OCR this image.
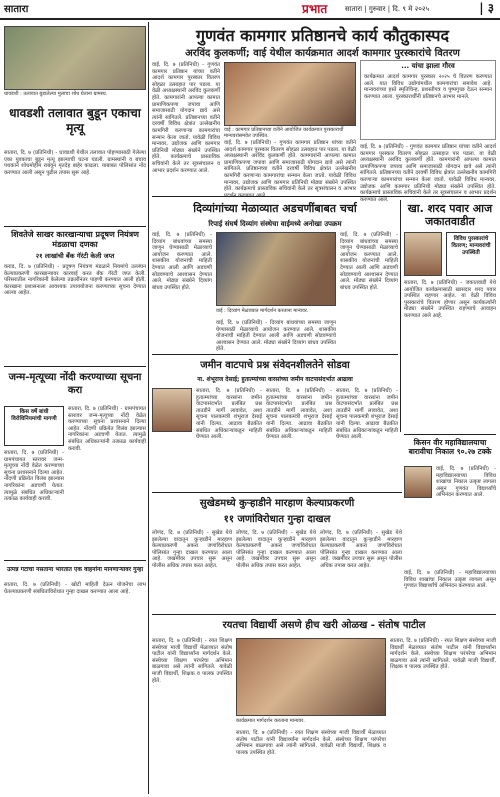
सातारा	प्रभात	सातारा | गुरुवार | दि. ९ मे २०२५	| ३
धावडशी : तलावात बुडालेल्या मुलाचा शोध घेताना ग्रामस्थ.
धावडशी तलावात बुडून एकाचा मृत्यू
सातारा, दि. ७ (प्रतिनिधी) - धावडशी येथील तलावात पोहण्यासाठी गेलेल्या एका युवकाचा बुडून मृत्यू झाल्याची घटना घडली. ग्रामस्थांनी व बचाव पथकाने शोधमोहीम राबवून मृतदेह बाहेर काढला. याबाबत पोलिसांत नोंद करण्यात आली असून पुढील तपास सुरू आहे.
शिवतेजे साखर कारखान्याचा प्रदूषण नियंत्रण मंडळाचा दणका
२१ लाखांची बँक गॅरंटी केली जप्त
कराड, दि. ७ (प्रतिनिधी) - प्रदूषण नियंत्रण मंडळाने नियमांचे उल्लंघन केल्याप्रकरणी कारखान्यावर कारवाई करत बँक गॅरंटी जप्त केली. परिसरातील नागरिकांनी केलेल्या तक्रारींनंतर पाहणी करण्यात आली होती. कारखाना प्रशासनाला आवश्यक उपाययोजना करण्याच्या सूचना देण्यात आल्या आहेत.
जन्म-मृत्यूच्या नोंदी करण्याच्या सूचना करा
किस वर्षे बांधी विरोधिनियमांची मागणी
सातारा, दि. ७ (प्रतिनिधी) - ग्रामपंचायत स्तरावर जन्म-मृत्यूच्या नोंदी वेळेत करण्याच्या सूचना प्रशासनाने दिल्या आहेत. नोंदणी प्रक्रियेत विलंब झाल्यास नागरिकांना अडचणी येतात. त्यामुळे संबंधित अधिकाऱ्यांनी तत्काळ कार्यवाही करावी.
सातारा, दि. ७ (प्रतिनिधी) - ग्रामपंचायत स्तरावर जन्म-मृत्यूच्या नोंदी वेळेत करण्याच्या सूचना प्रशासनाने दिल्या आहेत. नोंदणी प्रक्रियेत विलंब झाल्यास नागरिकांना अडचणी येतात. त्यामुळे संबंधित अधिकाऱ्यांनी तत्काळ कार्यवाही करावी.
उत्पन्न गटाचा नसताना भारतात एक वाहनांना मानणाऱ्यावर गुन्हा
सातारा, दि. ७ (प्रतिनिधी) - खोटी माहिती देऊन योजनेचा लाभ घेतल्याप्रकरणी संबंधितांविरोधात गुन्हा दाखल करण्यात आला आहे.
गुणवंत कामगार प्रतिष्ठानचे कार्य कौतुकास्पद
अरविंद कुलकर्णी; वाई येथील कार्यक्रमात आदर्श कामगार पुरस्कारांचे वितरण
वाई, दि. ७ (प्रतिनिधी) - गुणवंत कामगार प्रतिष्ठान यांच्या वतीने आदर्श कामगार पुरस्कार वितरण सोहळा उत्साहात पार पडला. या वेळी अध्यक्षस्थानी अरविंद कुलकर्णी होते. कामगारांनी आपल्या कामात प्रामाणिकपणा जपावा आणि समाजासाठी योगदान द्यावे असे त्यांनी सांगितले. प्रतिष्ठानच्या वतीने दरवर्षी विविध क्षेत्रांत उल्लेखनीय कामगिरी करणाऱ्या कामगारांचा सन्मान केला जातो. यावेळी विविध मान्यवर, उद्योजक आणि कामगार प्रतिनिधी मोठ्या संख्येने उपस्थित होते. कार्यक्रमाचे प्रास्ताविक सचिवांनी केले तर सूत्रसंचालन व आभार प्रदर्शन करण्यात आले.
वाई : कामगार प्रतिष्ठानच्या वतीने आयोजित कार्यक्रमात पुरस्कारार्थी मान्यवरांसमवेत उपस्थित.
वाई, दि. ७ (प्रतिनिधी) - गुणवंत कामगार प्रतिष्ठान यांच्या वतीने आदर्श कामगार पुरस्कार वितरण सोहळा उत्साहात पार पडला. या वेळी अध्यक्षस्थानी अरविंद कुलकर्णी होते. कामगारांनी आपल्या कामात प्रामाणिकपणा जपावा आणि समाजासाठी योगदान द्यावे असे त्यांनी सांगितले. प्रतिष्ठानच्या वतीने दरवर्षी विविध क्षेत्रांत उल्लेखनीय कामगिरी करणाऱ्या कामगारांचा सन्मान केला जातो. यावेळी विविध मान्यवर, उद्योजक आणि कामगार प्रतिनिधी मोठ्या संख्येने उपस्थित होते. कार्यक्रमाचे प्रास्ताविक सचिवांनी केले तर सूत्रसंचालन व आभार
... यांचा झाला गौरव
कार्यक्रमात आदर्श कामगार पुरस्कार २०२५ चे वितरण करण्यात आले. यात विविध उद्योगांमधील कामगारांचा समावेश आहे. मान्यवरांच्या हस्ते स्मृतिचिन्ह, प्रशस्तीपत्र व पुष्पगुच्छ देऊन सन्मान करण्यात आला. पुरस्कारार्थींनी प्रतिष्ठानचे आभार मानले.
वाई, दि. ७ (प्रतिनिधी) - गुणवंत कामगार प्रतिष्ठान यांच्या वतीने आदर्श कामगार पुरस्कार वितरण सोहळा उत्साहात पार पडला. या वेळी अध्यक्षस्थानी अरविंद कुलकर्णी होते. कामगारांनी आपल्या कामात प्रामाणिकपणा जपावा आणि समाजासाठी योगदान द्यावे असे त्यांनी सांगितले. प्रतिष्ठानच्या वतीने दरवर्षी विविध क्षेत्रांत उल्लेखनीय कामगिरी करणाऱ्या कामगारांचा सन्मान केला जातो. यावेळी विविध मान्यवर, उद्योजक आणि कामगार प्रतिनिधी मोठ्या संख्येने उपस्थित होते. कार्यक्रमाचे प्रास्ताविक सचिवांनी केले तर सूत्रसंचालन व आभार प्रदर्शन करण्यात आले.
दिव्यांगांच्या मेळाव्यात अडचणींबाबत चर्चा
रिपाई संघर्ष दिव्यांग संस्थेचा वाईमध्ये अनोखा उपक्रम
वाई, दि. ७ (प्रतिनिधी) - दिव्यांग बांधवांच्या समस्या जाणून घेण्यासाठी मेळाव्याचे आयोजन करण्यात आले. शासकीय योजनांची माहिती देण्यात आली आणि अडचणी सोडवण्याचे आश्वासन देण्यात आले. मोठ्या संख्येने दिव्यांग बांधव उपस्थित होते.
वाई : दिव्यांग मेळाव्यात मार्गदर्शन करताना मान्यवर.
वाई, दि. ७ (प्रतिनिधी) - दिव्यांग बांधवांच्या समस्या जाणून घेण्यासाठी मेळाव्याचे आयोजन करण्यात आले. शासकीय योजनांची माहिती देण्यात आली आणि अडचणी सोडवण्याचे आश्वासन देण्यात आले. मोठ्या संख्येने दिव्यांग बांधव उपस्थित होते.
वाई, दि. ७ (प्रतिनिधी) - दिव्यांग बांधवांच्या समस्या जाणून घेण्यासाठी मेळाव्याचे आयोजन करण्यात आले. शासकीय योजनांची माहिती देण्यात आली आणि अडचणी सोडवण्याचे आश्वासन देण्यात आले. मोठ्या संख्येने दिव्यांग बांधव उपस्थित होते.
खा. शरद पवार आज जकातवाडीत
विविध पुरस्कारांचे वितरण; मान्यवरांची उपस्थिती
सातारा, दि. ७ (प्रतिनिधी) - जकातवाडी येथे आयोजित कार्यक्रमासाठी खासदार शरद पवार उपस्थित राहणार आहेत. या वेळी विविध पुरस्कारांचे वितरण होणार असून कार्यकर्त्यांनी मोठ्या संख्येने उपस्थित राहण्याचे आवाहन करण्यात आले आहे.
जमीन वाटपाचे प्रश्न संवेदनशीलतेने सोडवा
ना. शंभूराज देसाई; हुतात्म्यांच्या वारसांच्या जमीन वाटपासंदर्भात आढावा
सातारा, दि. ७ (प्रतिनिधी) - हुतात्म्यांच्या वारसांना जमीन वाटपासंदर्भात प्रलंबित प्रश्न तातडीने मार्गी लावावेत, अशा सूचना पालकमंत्री शंभूराज देसाई यांनी दिल्या. आढावा बैठकीत संबंधित अधिकाऱ्यांकडून माहिती घेण्यात आली.
सातारा, दि. ७ (प्रतिनिधी) - हुतात्म्यांच्या वारसांना जमीन वाटपासंदर्भात प्रलंबित प्रश्न तातडीने मार्गी लावावेत, अशा सूचना पालकमंत्री शंभूराज देसाई यांनी दिल्या. आढावा बैठकीत संबंधित अधिकाऱ्यांकडून माहिती घेण्यात आली.
सातारा, दि. ७ (प्रतिनिधी) - हुतात्म्यांच्या वारसांना जमीन वाटपासंदर्भात प्रलंबित प्रश्न तातडीने मार्गी लावावेत, अशा सूचना पालकमंत्री शंभूराज देसाई यांनी दिल्या. आढावा बैठकीत संबंधित अधिकाऱ्यांकडून माहिती घेण्यात आली.
किसन वीर महाविद्यालयाचा बारावीचा निकाल ९०.२७ टक्के
वाई, दि. ७ (प्रतिनिधी) - महाविद्यालयाच्या विविध शाखांचा निकाल उत्कृष्ट लागला असून गुणवंत विद्यार्थ्यांचे अभिनंदन करण्यात आले.
सुखेडमध्ये कुऱ्हाडीने मारहाण केल्याप्रकरणी
११ जणांविरोधात गुन्हा दाखल
लोणंद, दि. ७ (प्रतिनिधी) - सुखेड येथे झालेल्या वादातून कुऱ्हाडीने मारहाण केल्याप्रकरणी अकरा जणांविरोधात पोलिसांत गुन्हा दाखल करण्यात आला आहे. जखमींवर उपचार सुरू असून पोलीस अधिक तपास करत आहेत.
लोणंद, दि. ७ (प्रतिनिधी) - सुखेड येथे झालेल्या वादातून कुऱ्हाडीने मारहाण केल्याप्रकरणी अकरा जणांविरोधात पोलिसांत गुन्हा दाखल करण्यात आला आहे. जखमींवर उपचार सुरू असून पोलीस अधिक तपास करत आहेत.
लोणंद, दि. ७ (प्रतिनिधी) - सुखेड येथे झालेल्या वादातून कुऱ्हाडीने मारहाण केल्याप्रकरणी अकरा जणांविरोधात पोलिसांत गुन्हा दाखल करण्यात आला आहे. जखमींवर उपचार सुरू असून पोलीस अधिक तपास करत आहेत.
वाई, दि. ७ (प्रतिनिधी) - महाविद्यालयाच्या विविध शाखांचा निकाल उत्कृष्ट लागला असून गुणवंत विद्यार्थ्यांचे अभिनंदन करण्यात आले.
रयतचा विद्यार्थी असणे हीच खरी ओळख - संतोष पाटील
सातारा, दि. ७ (प्रतिनिधी) - रयत शिक्षण संस्थेच्या माजी विद्यार्थी मेळाव्यात संतोष पाटील यांनी विद्यार्थ्यांना मार्गदर्शन केले. संस्थेच्या शिक्षण परंपरेचा अभिमान बाळगावा असे त्यांनी सांगितले. यावेळी माजी विद्यार्थी, शिक्षक व पालक उपस्थित होते.
कार्यक्रमात मार्गदर्शन करताना मान्यवर.
सातारा, दि. ७ (प्रतिनिधी) - रयत शिक्षण संस्थेच्या माजी विद्यार्थी मेळाव्यात संतोष पाटील यांनी विद्यार्थ्यांना मार्गदर्शन केले. संस्थेच्या शिक्षण परंपरेचा अभिमान बाळगावा असे त्यांनी सांगितले. यावेळी माजी विद्यार्थी, शिक्षक व पालक उपस्थित होते.
सातारा, दि. ७ (प्रतिनिधी) - रयत शिक्षण संस्थेच्या माजी विद्यार्थी मेळाव्यात संतोष पाटील यांनी विद्यार्थ्यांना मार्गदर्शन केले. संस्थेच्या शिक्षण परंपरेचा अभिमान बाळगावा असे त्यांनी सांगितले. यावेळी माजी विद्यार्थी, शिक्षक व पालक उपस्थित होते.
